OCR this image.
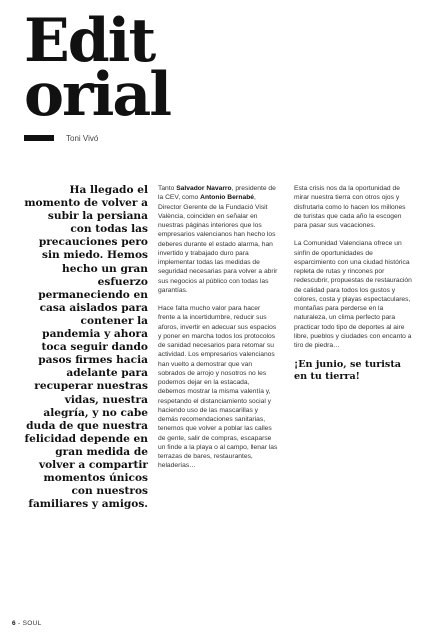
Edit
orial
Toni Vivó
Ha llegado el momento de volver a subir la persiana con todas las precauciones pero sin miedo. Hemos hecho un gran esfuerzo permaneciendo en casa aislados para contener la pandemia y ahora toca seguir dando pasos firmes hacia adelante para recuperar nuestras vidas, nuestra alegría, y no cabe duda de que nuestra felicidad depende en gran medida de volver a compartir momentos únicos con nuestros familiares y amigos.

Tanto Salvador Navarro, presidente de la CEV, como Antonio Bernabé, Director Gerente de la Fundació Visit València, coinciden en señalar en nuestras páginas interiores que los empresarios valencianos han hecho los deberes durante el estado alarma, han invertido y trabajado duro para implementar todas las medidas de seguridad necesarias para volver a abrir sus negocios al público con todas las garantías.

Hace falta mucho valor para hacer frente a la incertidumbre, reducir sus aforos, invertir en adecuar sus espacios y poner en marcha todos los protocolos de sanidad necesarios para retomar su actividad. Los empresarios valencianos han vuelto a demostrar que van sobrados de arrojo y nosotros no les podemos dejar en la estacada, debemos mostrar la misma valentía y, respetando el distanciamiento social y haciendo uso de las mascarillas y demás recomendaciones sanitarias, tenemos que volver a poblar las calles de gente, salir de compras, escaparse un finde a la playa o al campo, llenar las terrazas de bares, restaurantes, heladerías…

Esta crisis nos da la oportunidad de mirar nuestra tierra con otros ojos y disfrutarla como lo hacen los millones de turistas que cada año la escogen para pasar sus vacaciones.

La Comunidad Valenciana ofrece un sinfín de oportunidades de esparcimiento con una ciudad histórica repleta de rutas y rincones por redescubrir, propuestas de restauración de calidad para todos los gustos y colores, costa y playas espectaculares, montañas para perderse en la naturaleza, un clima perfecto para practicar todo tipo de deportes al aire libre, pueblos y ciudades con encanto a tiro de piedra…

¡En junio, se turista en tu tierra!
6 - SOUL
